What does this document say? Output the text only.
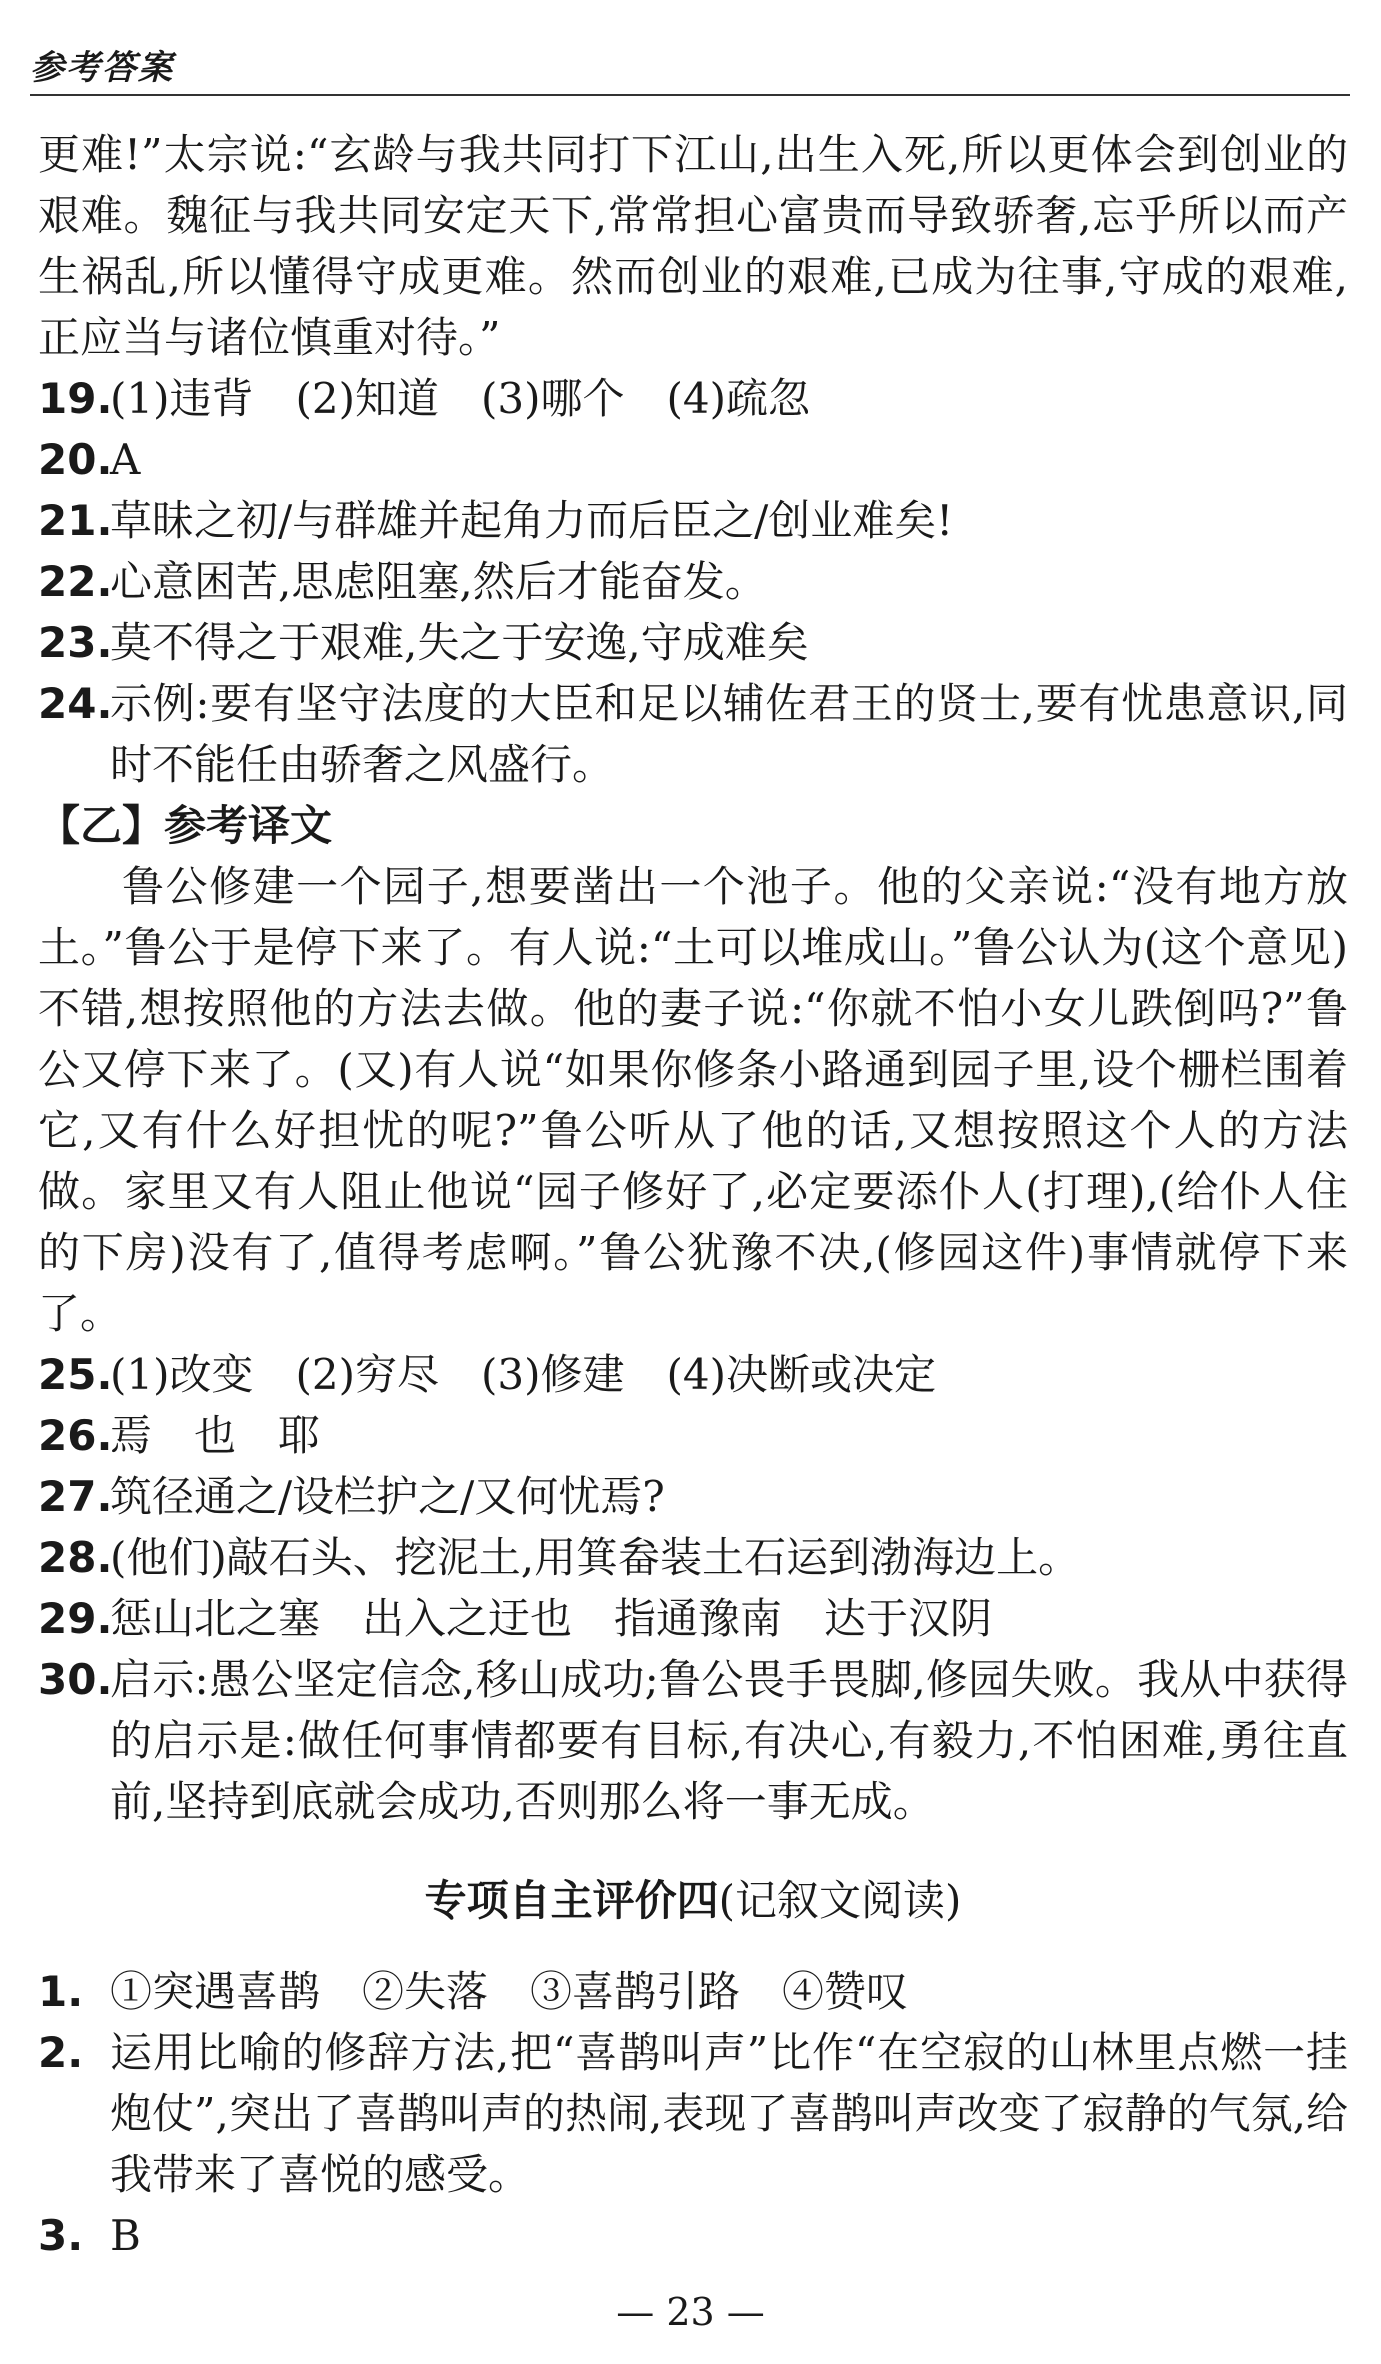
参考答案

更难!”太宗说:“玄龄与我共同打下江山,出生入死,所以更体会到创业的艰难。魏征与我共同安定天下,常常担心富贵而导致骄奢,忘乎所以而产生祸乱,所以懂得守成更难。然而创业的艰难,已成为往事,守成的艰难,正应当与诸位慎重对待。”

19.
(1)违背　(2)知道　(3)哪个　(4)疏忽

20.
A

21.
草昧之初/与群雄并起角力而后臣之/创业难矣!

22.
心意困苦,思虑阻塞,然后才能奋发。

23.
莫不得之于艰难,失之于安逸,守成难矣

24.
示例:要有坚守法度的大臣和足以辅佐君王的贤士,要有忧患意识,同时不能任由骄奢之风盛行。

【乙】参考译文

鲁公修建一个园子,想要凿出一个池子。他的父亲说:“没有地方放土。”鲁公于是停下来了。有人说:“土可以堆成山。”鲁公认为(这个意见)不错,想按照他的方法去做。他的妻子说:“你就不怕小女儿跌倒吗?”鲁公又停下来了。(又)有人说“如果你修条小路通到园子里,设个栅栏围着它,又有什么好担忧的呢?”鲁公听从了他的话,又想按照这个人的方法做。家里又有人阻止他说“园子修好了,必定要添仆人(打理),(给仆人住的下房)没有了,值得考虑啊。”鲁公犹豫不决,(修园这件)事情就停下来了。

25.
(1)改变　(2)穷尽　(3)修建　(4)决断或决定

26.
焉　也　耶

27.
筑径通之/设栏护之/又何忧焉?

28.
(他们)敲石头、挖泥土,用箕畚装土石运到渤海边上。

29.
惩山北之塞　出入之迂也　指通豫南　达于汉阴

30.
启示:愚公坚定信念,移山成功;鲁公畏手畏脚,修园失败。我从中获得的启示是:做任何事情都要有目标,有决心,有毅力,不怕困难,勇往直前,坚持到底就会成功,否则那么将一事无成。

专项自主评价四(记叙文阅读)

1. ①突遇喜鹊　②失落　③喜鹊引路　④赞叹

2. 运用比喻的修辞方法,把“喜鹊叫声”比作“在空寂的山林里点燃一挂炮仗”,突出了喜鹊叫声的热闹,表现了喜鹊叫声改变了寂静的气氛,给我带来了喜悦的感受。

3. B

— 23 —
